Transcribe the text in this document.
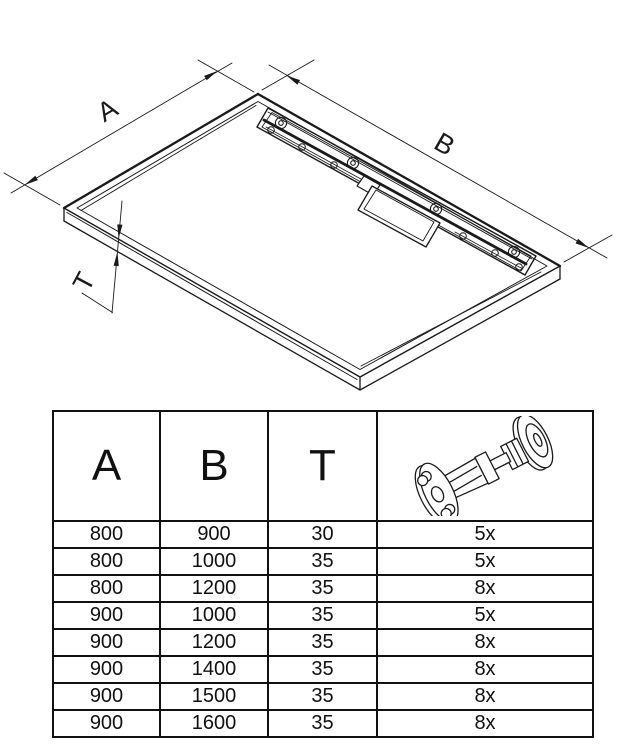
A
B
T
A	B	T	

800	900	30	5x
800	1000	35	5x
800	1200	35	8x
900	1000	35	5x
900	1200	35	8x
900	1400	35	8x
900	1500	35	8x
900	1600	35	8x
